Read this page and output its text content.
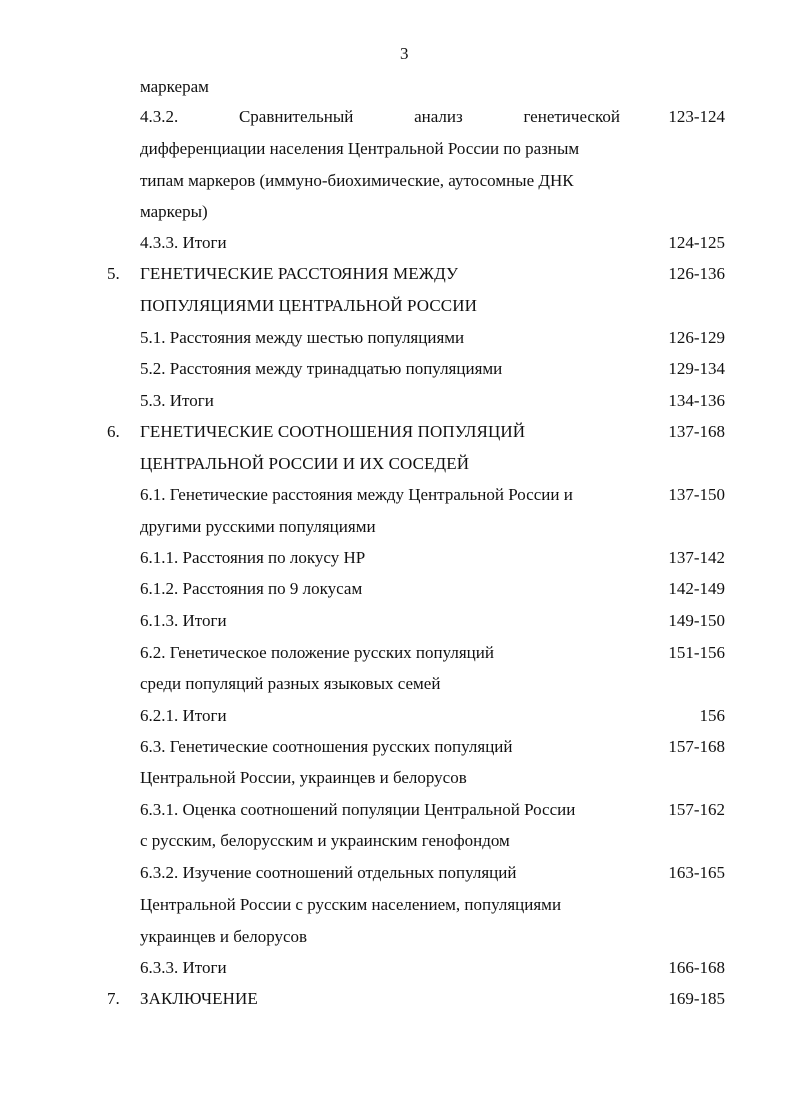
3
маркерам
4.3.2.	Сравнительный	анализ	генетической	123-124
дифференциации населения Центральной России по разным
типам маркеров (иммуно-биохимические, аутосомные ДНК
маркеры)
4.3.3. Итоги	124-125
5. ГЕНЕТИЧЕСКИЕ РАССТОЯНИЯ МЕЖДУ	126-136
ПОПУЛЯЦИЯМИ ЦЕНТРАЛЬНОЙ РОССИИ
5.1. Расстояния между шестью популяциями	126-129
5.2. Расстояния между тринадцатью популяциями	129-134
5.3. Итоги	134-136
6. ГЕНЕТИЧЕСКИЕ СООТНОШЕНИЯ ПОПУЛЯЦИЙ	137-168
ЦЕНТРАЛЬНОЙ РОССИИ И ИХ СОСЕДЕЙ
6.1. Генетические расстояния между Центральной России и	137-150
другими русскими популяциями
6.1.1. Расстояния по локусу HP	137-142
6.1.2. Расстояния по 9 локусам	142-149
6.1.3. Итоги	149-150
6.2. Генетическое положение русских популяций	151-156
среди популяций разных языковых семей
6.2.1. Итоги	156
6.3. Генетические соотношения русских популяций	157-168
Центральной России, украинцев и белорусов
6.3.1. Оценка соотношений популяции Центральной России	157-162
с русским, белорусским и украинским генофондом
6.3.2. Изучение соотношений отдельных популяций	163-165
Центральной России с русским населением, популяциями
украинцев и белорусов
6.3.3. Итоги	166-168
7. ЗАКЛЮЧЕНИЕ	169-185
